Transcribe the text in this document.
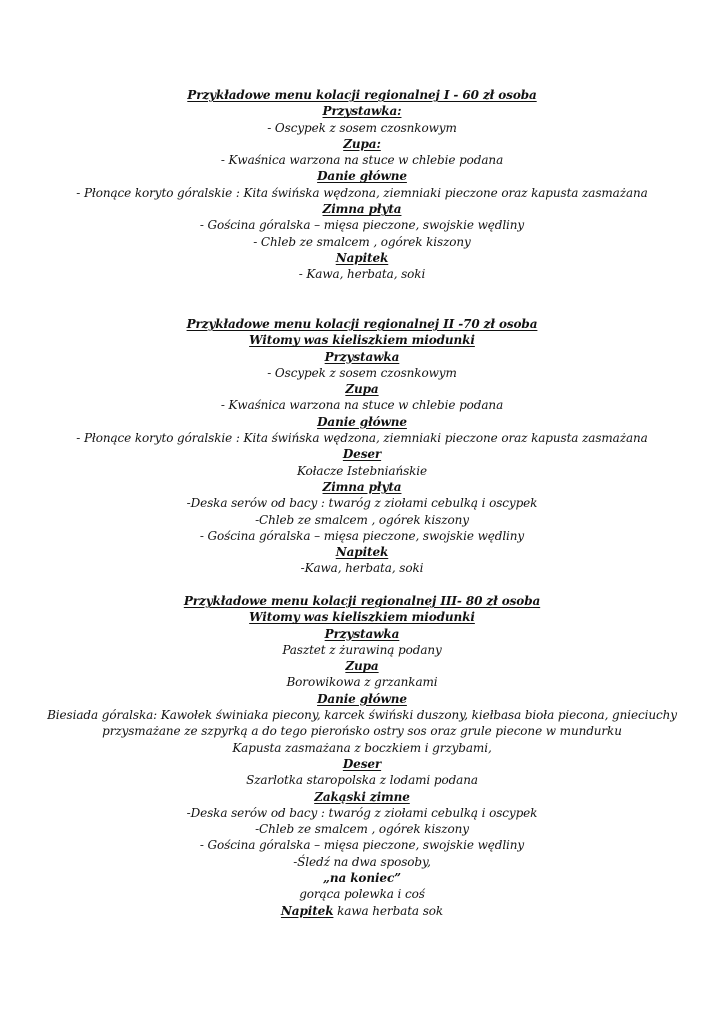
Przykładowe menu kolacji regionalnej I - 60 zł osoba
Przystawka:
- Oscypek z sosem czosnkowym
Zupa:
- Kwaśnica warzona na stuce w chlebie podana
Danie główne
- Płonące koryto góralskie : Kita świńska wędzona, ziemniaki pieczone oraz kapusta zasmażana
Zimna płyta
- Gościna góralska – mięsa pieczone, swojskie wędliny
- Chleb ze smalcem , ogórek kiszony
Napitek
- Kawa, herbata, soki
Przykładowe menu kolacji regionalnej II -70 zł osoba
Witomy was kieliszkiem miodunki
Przystawka
- Oscypek z sosem czosnkowym
Zupa
- Kwaśnica warzona na stuce w chlebie podana
Danie główne
- Płonące koryto góralskie : Kita świńska wędzona, ziemniaki pieczone oraz kapusta zasmażana
Deser
Kołacze Istebniańskie
Zimna płyta
-Deska serów od bacy : twaróg z ziołami cebulką i oscypek
-Chleb ze smalcem , ogórek kiszony
- Gościna góralska – mięsa pieczone, swojskie wędliny
Napitek
-Kawa, herbata, soki
Przykładowe menu kolacji regionalnej III- 80 zł osoba
Witomy was kieliszkiem miodunki
Przystawka
Pasztet z żurawiną podany
Zupa
Borowikowa z grzankami
Danie główne
Biesiada góralska: Kawołek świniaka piecony, karcek świński duszony, kiełbasa bioła piecona, gnieciuchy przysmażane ze szpyrką a do tego pierońsko ostry sos oraz grule piecone w mundurku
Kapusta zasmażana z boczkiem i grzybami,
Deser
Szarlotka staropolska z lodami podana
Zakąski zimne
-Deska serów od bacy : twaróg z ziołami cebulką i oscypek
-Chleb ze smalcem , ogórek kiszony
- Gościna góralska – mięsa pieczone, swojskie wędliny
-Śledź na dwa sposoby,
„na koniec”
gorąca polewka i coś
Napitek kawa herbata sok
